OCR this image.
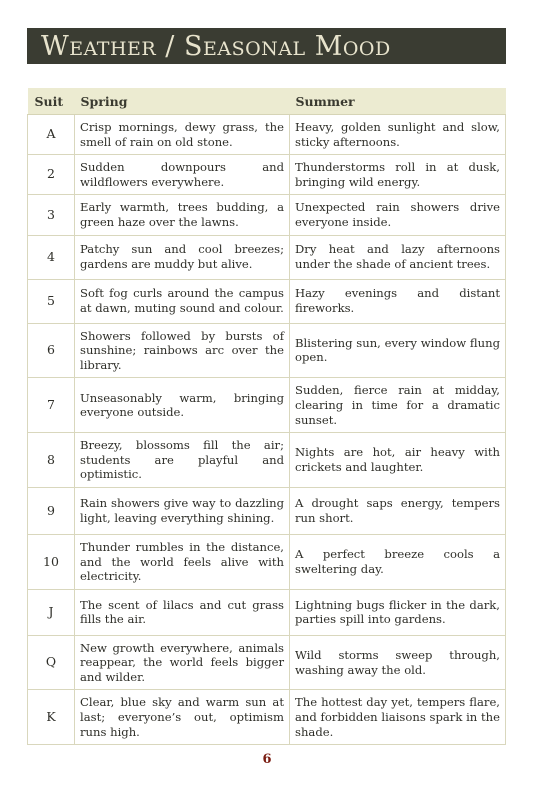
Weather / Seasonal Mood
Suit	Spring	Summer
A	Crisp mornings, dewy grass, the smell of rain on old stone.	Heavy, golden sunlight and slow, sticky afternoons.
2	Sudden downpours and wildflowers everywhere.	Thunderstorms roll in at dusk, bringing wild energy.
3	Early warmth, trees budding, a green haze over the lawns.	Unexpected rain showers drive everyone inside.
4	Patchy sun and cool breezes; gardens are muddy but alive.	Dry heat and lazy afternoons under the shade of ancient trees.
5	Soft fog curls around the campus at dawn, muting sound and colour.	Hazy evenings and distant fireworks.
6	Showers followed by bursts of sunshine; rainbows arc over the library.	Blistering sun, every window flung open.
7	Unseasonably warm, bringing everyone outside.	Sudden, fierce rain at midday, clearing in time for a dramatic sunset.
8	Breezy, blossoms fill the air; students are playful and optimistic.	Nights are hot, air heavy with crickets and laughter.
9	Rain showers give way to dazzling light, leaving everything shining.	A drought saps energy, tempers run short.
10	Thunder rumbles in the distance, and the world feels alive with electricity.	A perfect breeze cools a sweltering day.
J	The scent of lilacs and cut grass fills the air.	Lightning bugs flicker in the dark, parties spill into gardens.
Q	New growth everywhere, animals reappear, the world feels bigger and wilder.	Wild storms sweep through, washing away the old.
K	Clear, blue sky and warm sun at last; everyone’s out, optimism runs high.	The hottest day yet, tempers flare, and forbidden liaisons spark in the shade.
6
